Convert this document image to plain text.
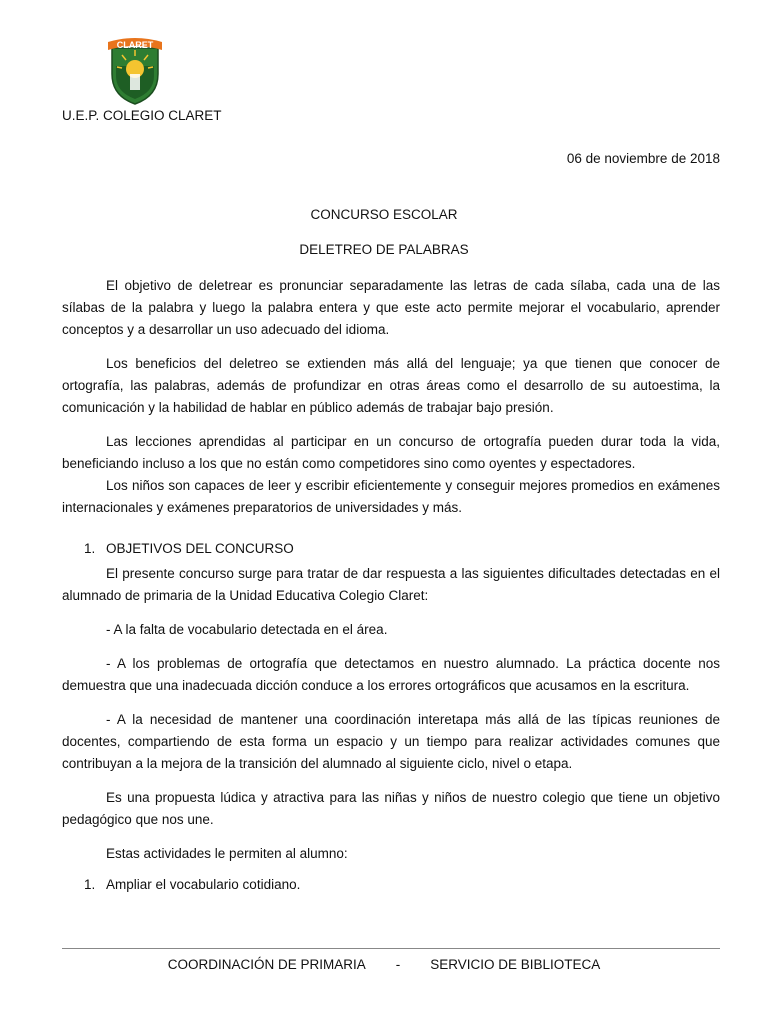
CLARET
U.E.P. COLEGIO CLARET
06 de noviembre de 2018
CONCURSO ESCOLAR
DELETREO DE PALABRAS
El objetivo de deletrear es pronunciar separadamente las letras de cada sílaba, cada una de las sílabas de la palabra y luego la palabra entera y que este acto permite mejorar el vocabulario, aprender conceptos y a desarrollar un uso adecuado del idioma.
Los beneficios del deletreo se extienden más allá del lenguaje; ya que tienen que conocer de ortografía, las palabras, además de profundizar en otras áreas como el desarrollo de su autoestima, la comunicación y la habilidad de hablar en público además de trabajar bajo presión.
Las lecciones aprendidas al participar en un concurso de ortografía pueden durar toda la vida, beneficiando incluso a los que no están como competidores sino como oyentes y espectadores.
Los niños son capaces de leer y escribir eficientemente y conseguir mejores promedios en exámenes internacionales y exámenes preparatorios de universidades y más.
1. OBJETIVOS DEL CONCURSO
El presente concurso surge para tratar de dar respuesta a las siguientes dificultades detectadas en el alumnado de primaria de la Unidad Educativa Colegio Claret:
- A la falta de vocabulario detectada en el área.
- A los problemas de ortografía que detectamos en nuestro alumnado. La práctica docente nos demuestra que una inadecuada dicción conduce a los errores ortográficos que acusamos en la escritura.
- A la necesidad de mantener una coordinación interetapa más allá de las típicas reuniones de docentes, compartiendo de esta forma un espacio y un tiempo para realizar actividades comunes que contribuyan a la mejora de la transición del alumnado al siguiente ciclo, nivel o etapa.
Es una propuesta lúdica y atractiva para las niñas y niños de nuestro colegio que tiene un objetivo pedagógico que nos une.
Estas actividades le permiten al alumno:
1. Ampliar el vocabulario cotidiano.
COORDINACIÓN DE PRIMARIA - SERVICIO DE BIBLIOTECA
